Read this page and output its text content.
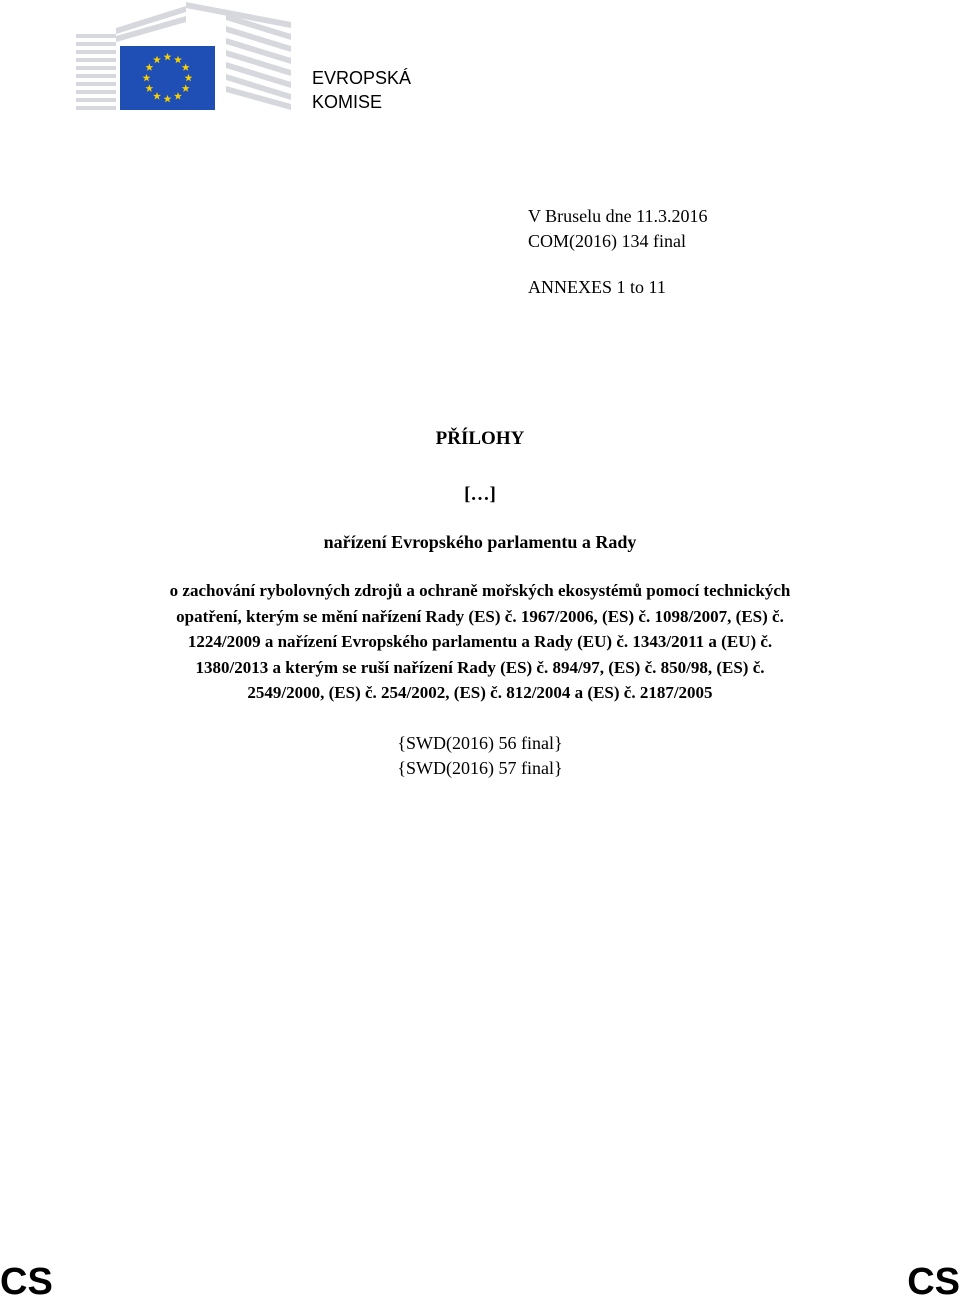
EVROPSKÁ
KOMISE
V Bruselu dne 11.3.2016
COM(2016) 134 final
ANNEXES 1 to 11
PŘÍLOHY
[…]
nařízení Evropského parlamentu a Rady
o zachování rybolovných zdrojů a ochraně mořských ekosystémů pomocí technických
opatření, kterým se mění nařízení Rady (ES) č. 1967/2006, (ES) č. 1098/2007, (ES) č.
1224/2009 a nařízení Evropského parlamentu a Rady (EU) č. 1343/2011 a (EU) č.
1380/2013 a kterým se ruší nařízení Rady (ES) č. 894/97, (ES) č. 850/98, (ES) č.
2549/2000, (ES) č. 254/2002, (ES) č. 812/2004 a (ES) č. 2187/2005
{SWD(2016) 56 final}
{SWD(2016) 57 final}
CS	CS
